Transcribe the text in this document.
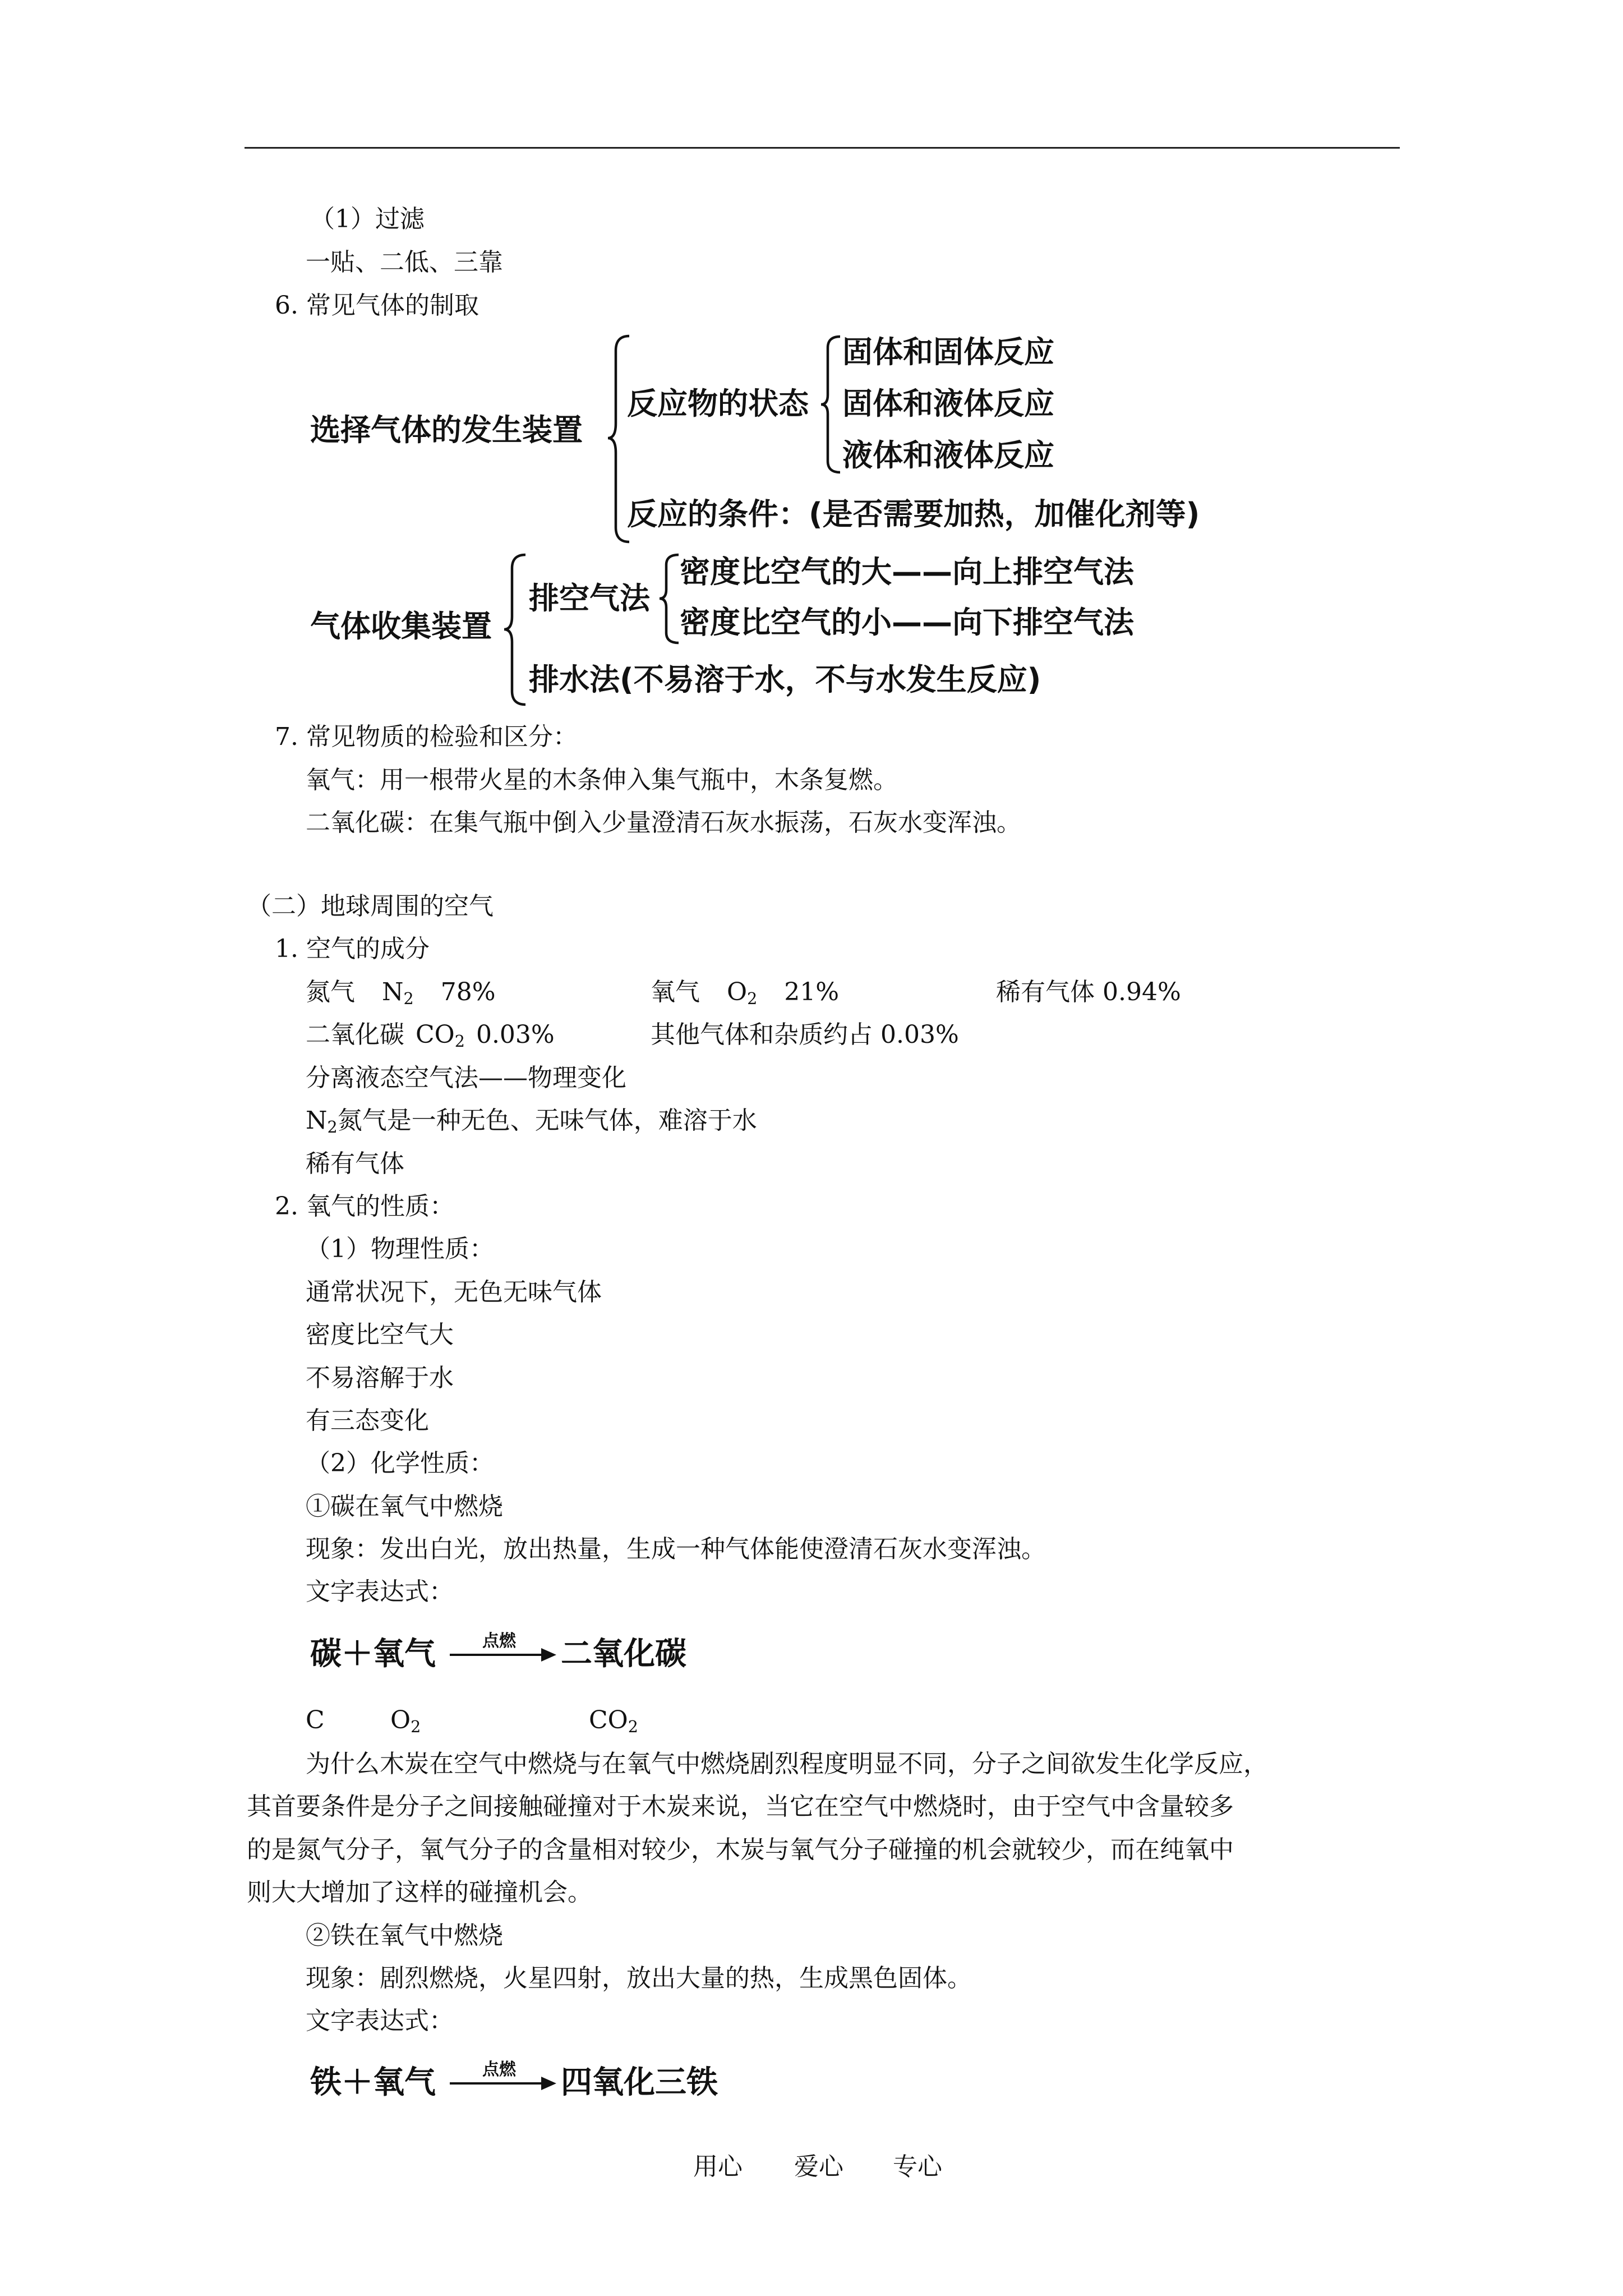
（1）过滤
一贴、二低、三靠
6. 常见气体的制取
选择气体的发生装置
反应物的状态
固体和固体反应
固体和液体反应
液体和液体反应
反应的条件：(是否需要加热，加催化剂等)
气体收集装置
排空气法
密度比空气的大——向上排空气法
密度比空气的小——向下排空气法
排水法(不易溶于水，不与水发生反应)
7. 常见物质的检验和区分：
氧气：用一根带火星的木条伸入集气瓶中，木条复燃。
二氧化碳：在集气瓶中倒入少量澄清石灰水振荡，石灰水变浑浊。
（二）地球周围的空气
1. 空气的成分
氮气 $N_2$ 78%	氧气 $O_2$ 21%	稀有气体 0.94%
二氧化碳 $CO_2$ 0.03%	其他气体和杂质约占 0.03%
分离液态空气法——物理变化
$N_2$氮气是一种无色、无味气体，难溶于水
稀有气体
2. 氧气的性质：
（1）物理性质：
通常状况下，无色无味气体
密度比空气大
不易溶解于水
有三态变化
（2）化学性质：
①碳在氧气中燃烧
现象：发出白光，放出热量，生成一种气体能使澄清石灰水变浑浊。
文字表达式：
碳＋氧气	点燃 二氧化碳
C	$O_2$	$CO_2$
为什么木炭在空气中燃烧与在氧气中燃烧剧烈程度明显不同，分子之间欲发生化学反应，
其首要条件是分子之间接触碰撞对于木炭来说，当它在空气中燃烧时，由于空气中含量较多
的是氮气分子，氧气分子的含量相对较少，木炭与氧气分子碰撞的机会就较少，而在纯氧中
则大大增加了这样的碰撞机会。
②铁在氧气中燃烧
现象：剧烈燃烧，火星四射，放出大量的热，生成黑色固体。
文字表达式：
铁＋氧气	点燃 四氧化三铁
用心 爱心 专心
